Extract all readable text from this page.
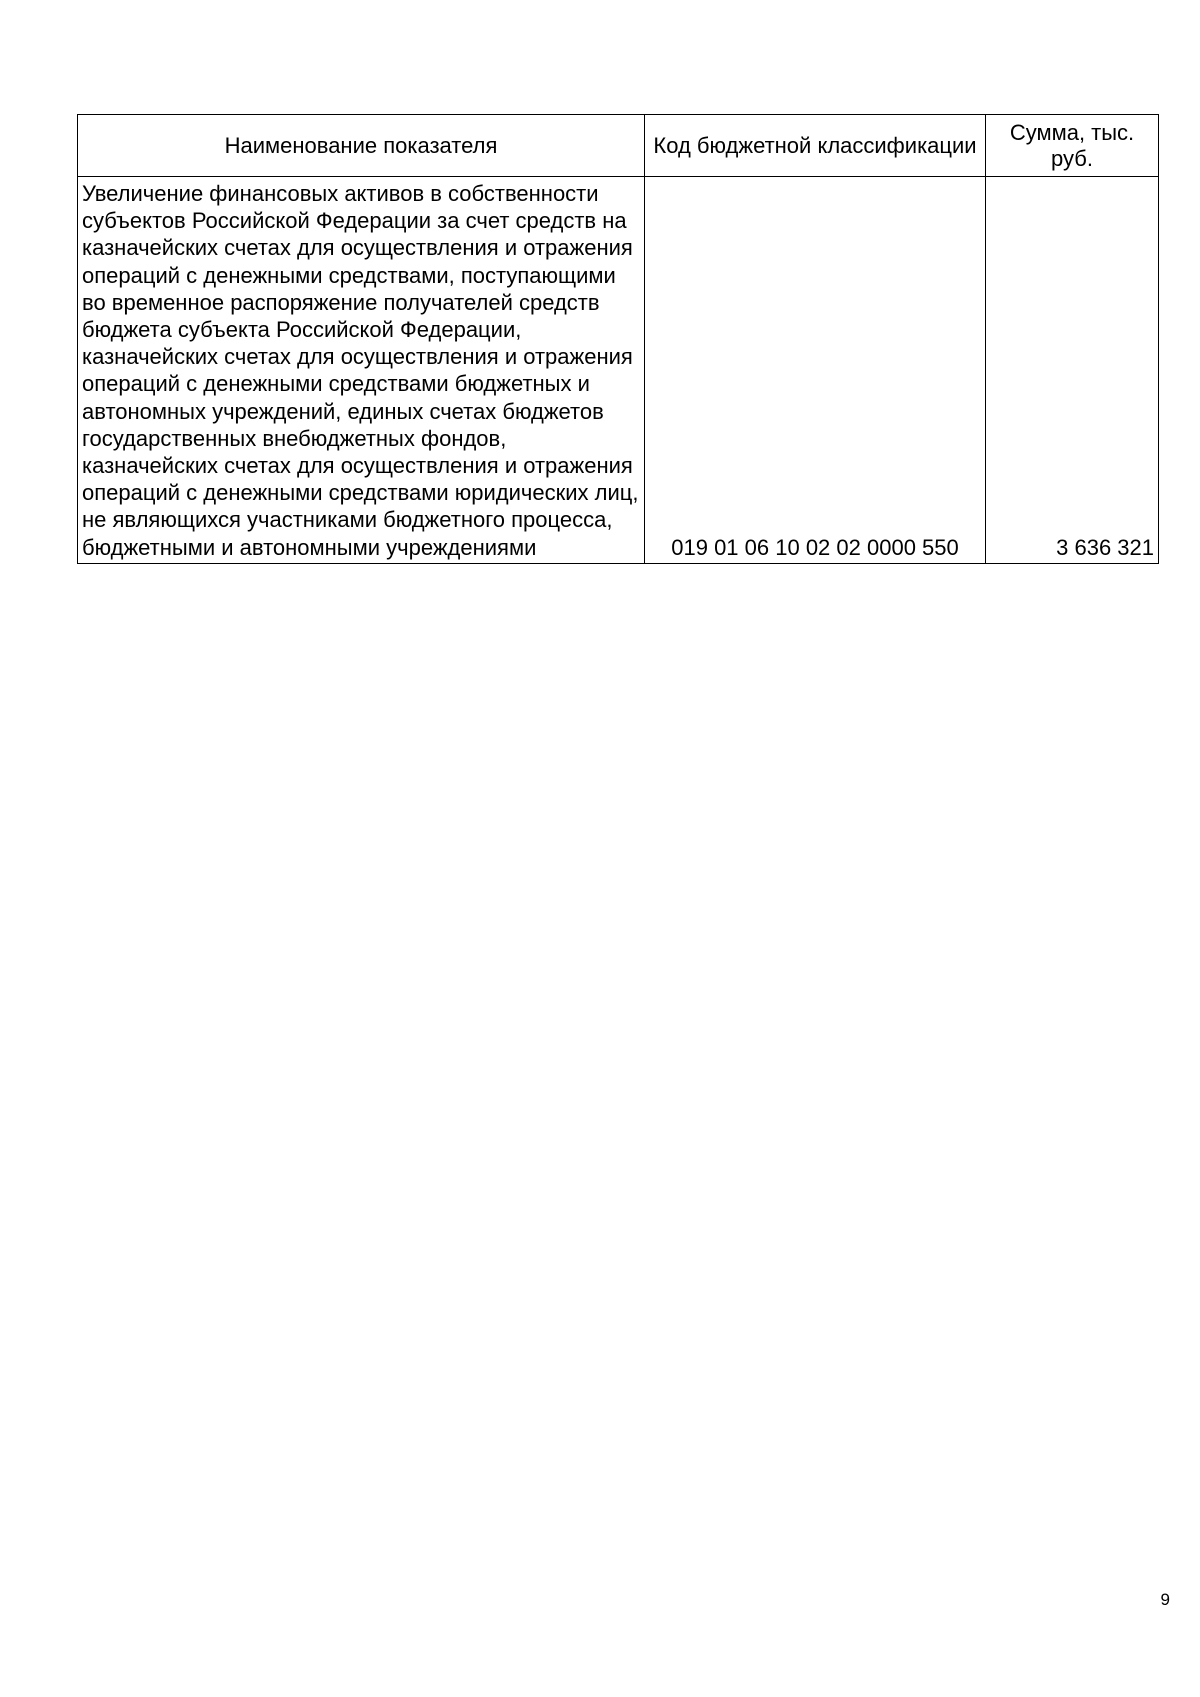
Наименование показателя	Код бюджетной классификации	Сумма, тыс. руб.
Увеличение финансовых активов в собственности субъектов Российской Федерации за счет средств на казначейских счетах для осуществления и отражения операций с денежными средствами, поступающими во временное распоряжение получателей средств бюджета субъекта Российской Федерации, казначейских счетах для осуществления и отражения операций с денежными средствами бюджетных и автономных учреждений, единых счетах бюджетов государственных внебюджетных фондов, казначейских счетах для осуществления и отражения операций с денежными средствами юридических лиц, не являющихся участниками бюджетного процесса, бюджетными и автономными учреждениями	019 01 06 10 02 02 0000 550	3 636 321
9
